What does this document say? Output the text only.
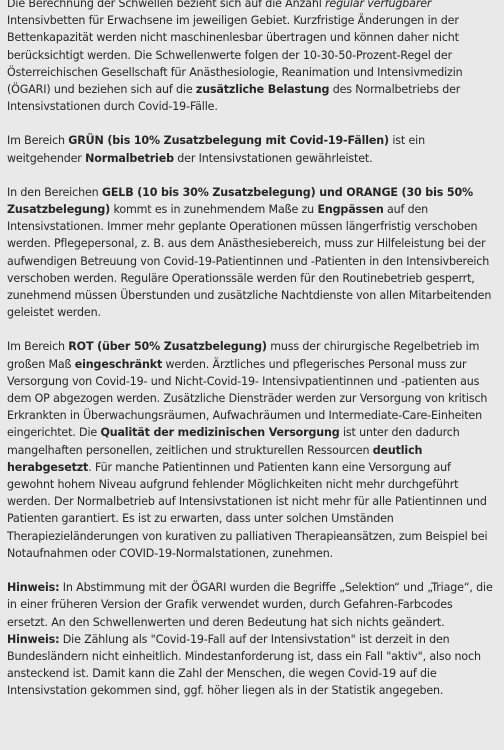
Die Berechnung der Schwellen bezieht sich auf die Anzahl regulär verfügbarer Intensivbetten für Erwachsene im jeweiligen Gebiet. Kurzfristige Änderungen in der Bettenkapazität werden nicht maschinenlesbar übertragen und können daher nicht berücksichtigt werden. Die Schwellenwerte folgen der 10-30-50-Prozent-Regel der Österreichischen Gesellschaft für Anästhesiologie, Reanimation und Intensivmedizin (ÖGARI) und beziehen sich auf die zusätzliche Belastung des Normalbetriebs der Intensivstationen durch Covid-19-Fälle.

Im Bereich GRÜN (bis 10% Zusatzbelegung mit Covid-19-Fällen) ist ein weitgehender Normalbetrieb der Intensivstationen gewährleistet.

In den Bereichen GELB (10 bis 30% Zusatzbelegung) und ORANGE (30 bis 50% Zusatzbelegung) kommt es in zunehmendem Maße zu Engpässen auf den Intensivstationen. Immer mehr geplante Operationen müssen längerfristig verschoben werden. Pflegepersonal, z. B. aus dem Anästhesiebereich, muss zur Hilfeleistung bei der aufwendigen Betreuung von Covid-19-Patientinnen und -Patienten in den Intensivbereich verschoben werden. Reguläre Operationssäle werden für den Routinebetrieb gesperrt, zunehmend müssen Überstunden und zusätzliche Nachtdienste von allen Mitarbeitenden geleistet werden.

Im Bereich ROT (über 50% Zusatzbelegung) muss der chirurgische Regelbetrieb im großen Maß eingeschränkt werden. Ärztliches und pflegerisches Personal muss zur Versorgung von Covid-19- und Nicht-Covid-19- Intensivpatientinnen und -patienten aus dem OP abgezogen werden. Zusätzliche Diensträder werden zur Versorgung von kritisch Erkrankten in Überwachungsräumen, Aufwachräumen und Intermediate-Care-Einheiten eingerichtet. Die Qualität der medizinischen Versorgung ist unter den dadurch mangelhaften personellen, zeitlichen und strukturellen Ressourcen deutlich herabgesetzt. Für manche Patientinnen und Patienten kann eine Versorgung auf gewohnt hohem Niveau aufgrund fehlender Möglichkeiten nicht mehr durchgeführt werden. Der Normalbetrieb auf Intensivstationen ist nicht mehr für alle Patientinnen und Patienten garantiert. Es ist zu erwarten, dass unter solchen Umständen Therapiezieländerungen von kurativen zu palliativen Therapieansätzen, zum Beispiel bei Notaufnahmen oder COVID-19-Normalstationen, zunehmen.

Hinweis: In Abstimmung mit der ÖGARI wurden die Begriffe „Selektion“ und „Triage“, die in einer früheren Version der Grafik verwendet wurden, durch Gefahren-Farbcodes ersetzt. An den Schwellenwerten und deren Bedeutung hat sich nichts geändert.

Hinweis: Die Zählung als "Covid-19-Fall auf der Intensivstation" ist derzeit in den Bundesländern nicht einheitlich. Mindestanforderung ist, dass ein Fall "aktiv", also noch ansteckend ist. Damit kann die Zahl der Menschen, die wegen Covid-19 auf die Intensivstation gekommen sind, ggf. höher liegen als in der Statistik angegeben.
